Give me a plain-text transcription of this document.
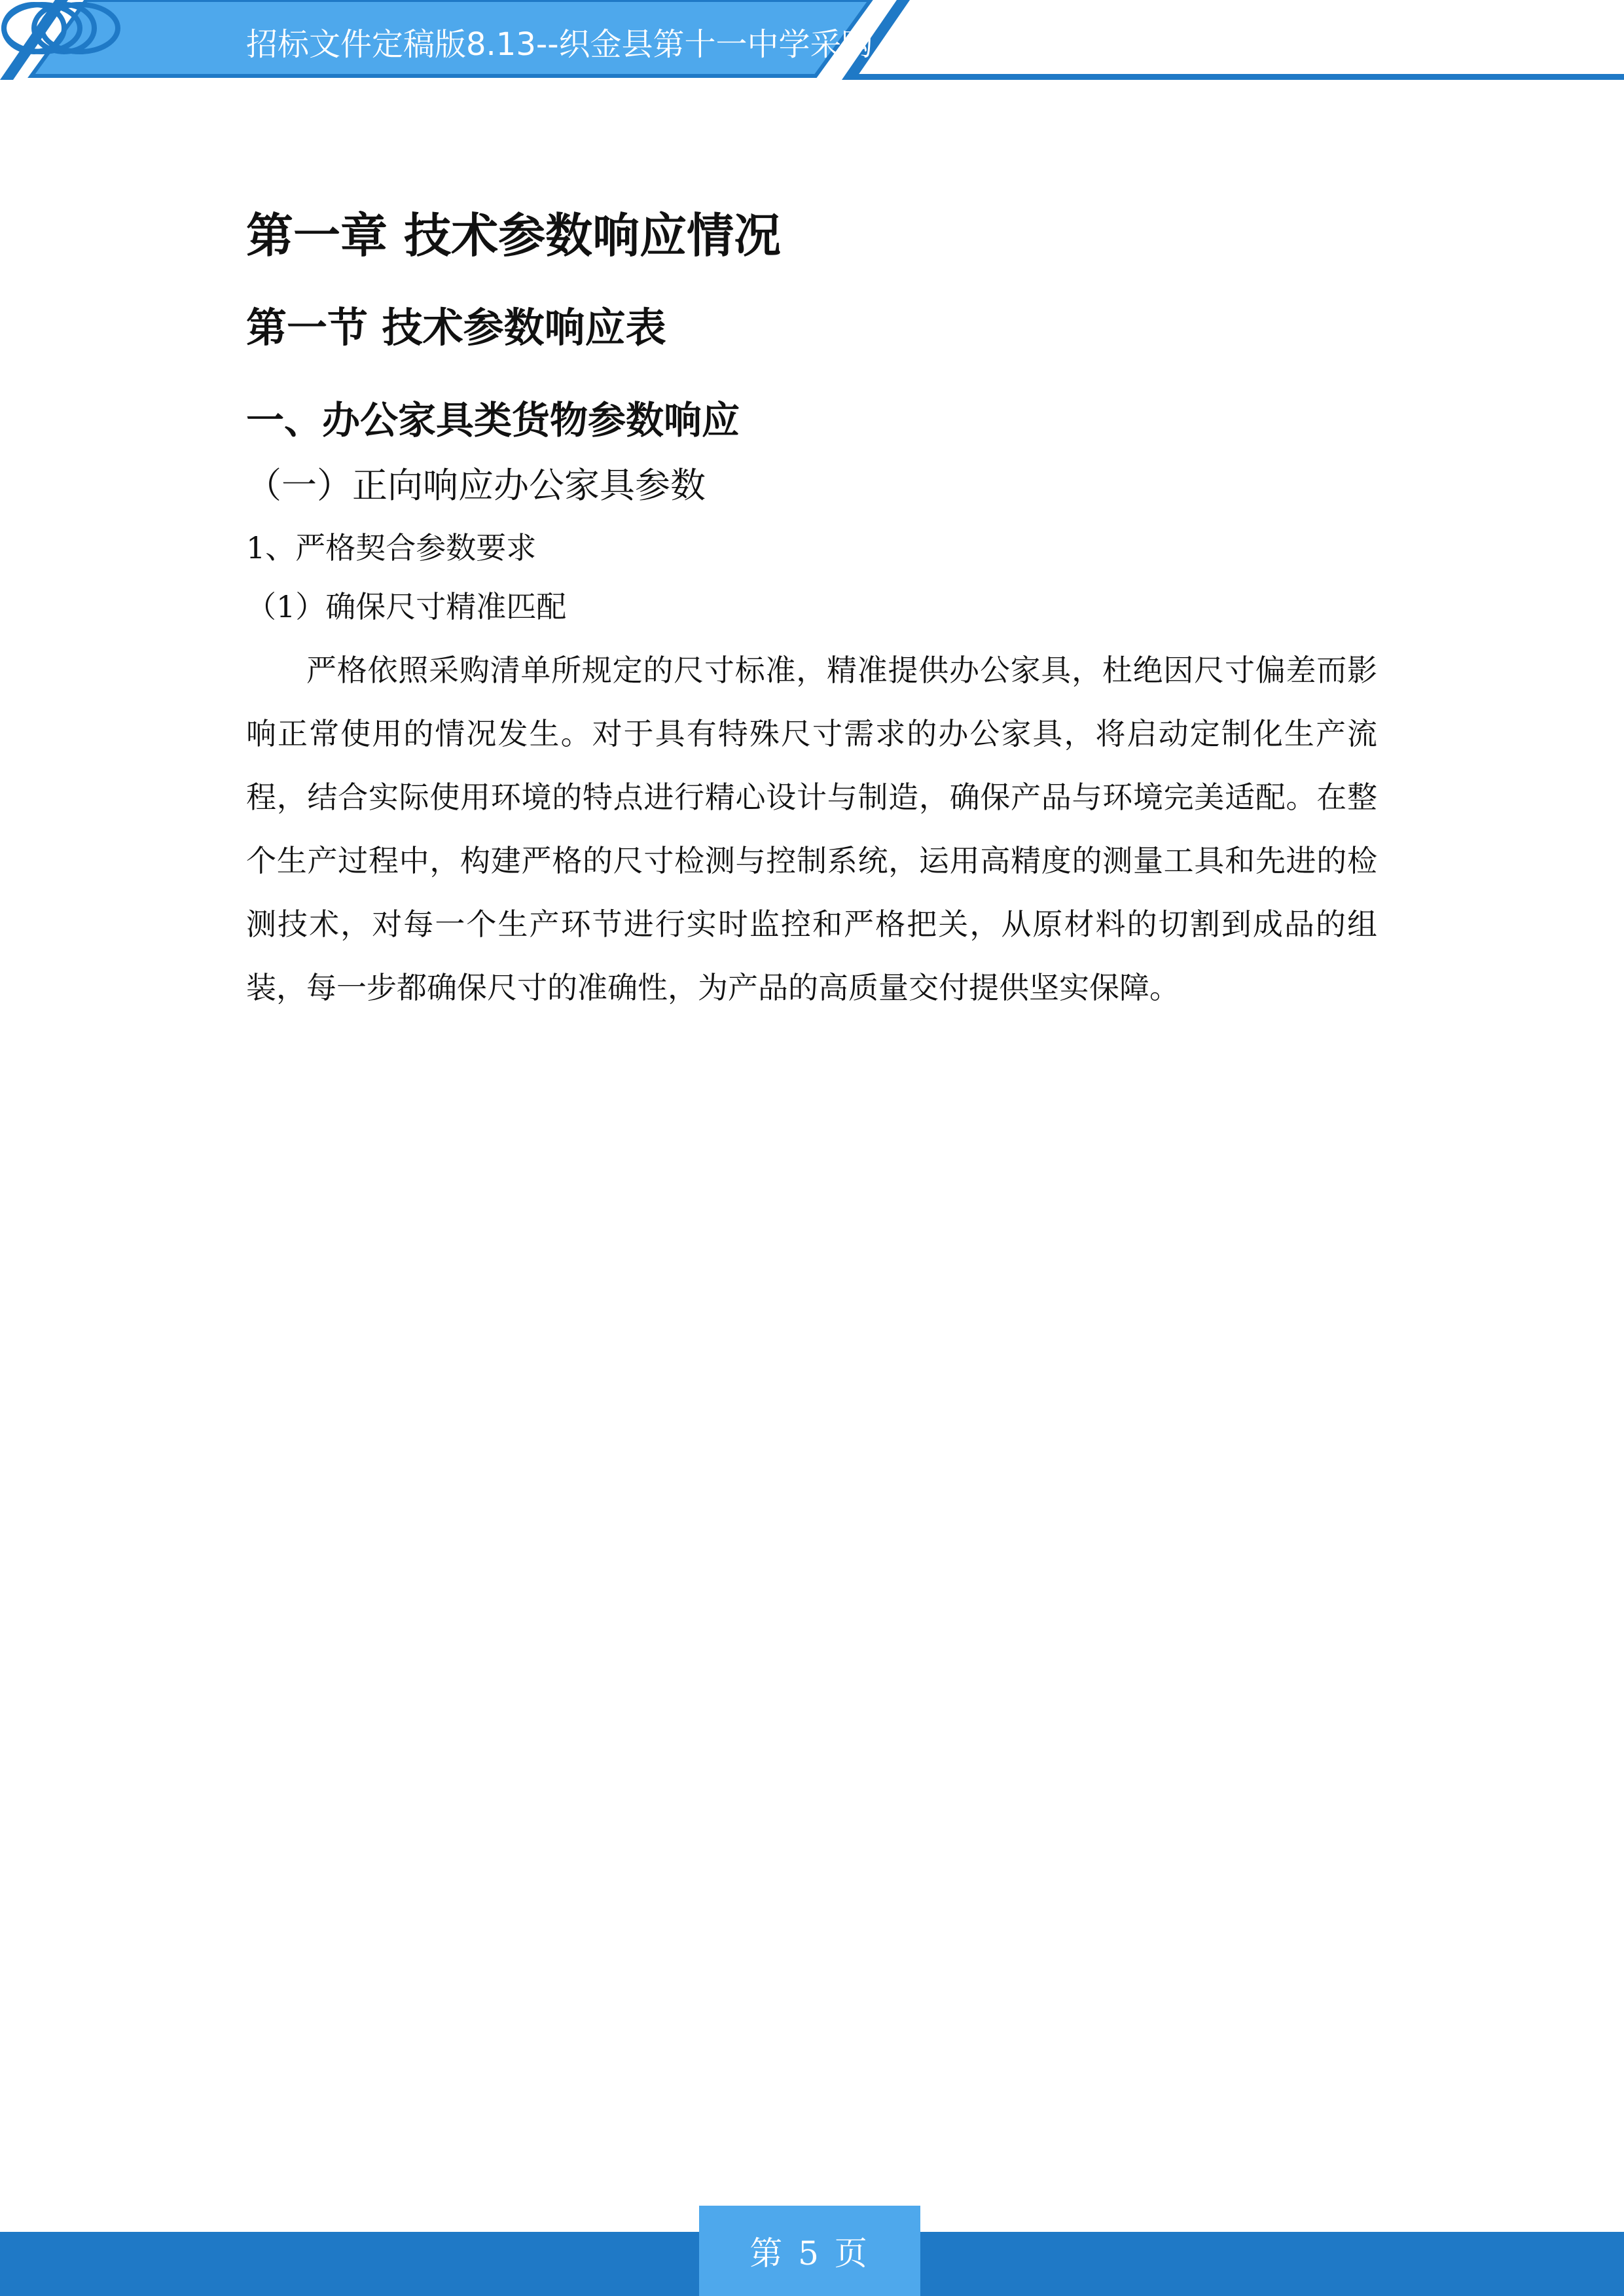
招标文件定稿版8.13--织金县第十一中学采购
第一章 技术参数响应情况
第一节 技术参数响应表
一、办公家具类货物参数响应

（一）正向响应办公家具参数

1、严格契合参数要求

（1）确保尺寸精准匹配

严格依照采购清单所规定的尺寸标准，精准提供办公家具，杜绝因尺寸偏差而影响正常使用的情况发生。对于具有特殊尺寸需求的办公家具，将启动定制化生产流程，结合实际使用环境的特点进行精心设计与制造，确保产品与环境完美适配。在整个生产过程中，构建严格的尺寸检测与控制系统，运用高精度的测量工具和先进的检测技术，对每一个生产环节进行实时监控和严格把关，从原材料的切割到成品的组装，每一步都确保尺寸的准确性，为产品的高质量交付提供坚实保障。

第 5 页
